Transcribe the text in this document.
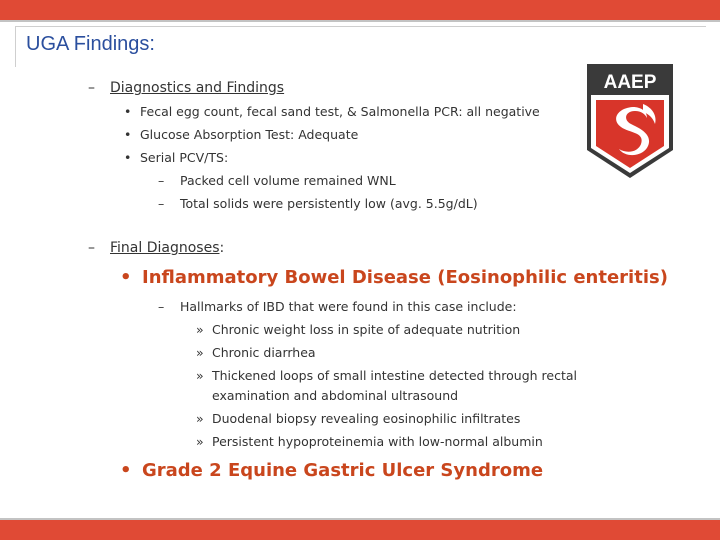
UGA Findings:
AAEP
– Diagnostics and Findings
• Fecal egg count, fecal sand test, & Salmonella PCR: all negative
• Glucose Absorption Test: Adequate
• Serial PCV/TS:
– Packed cell volume remained WNL
– Total solids were persistently low (avg. 5.5g/dL)
– Final Diagnoses:
• Inflammatory Bowel Disease (Eosinophilic enteritis)
– Hallmarks of IBD that were found in this case include:
» Chronic weight loss in spite of adequate nutrition
» Chronic diarrhea
» Thickened loops of small intestine detected through rectal
examination and abdominal ultrasound
» Duodenal biopsy revealing eosinophilic infiltrates
» Persistent hypoproteinemia with low-normal albumin
• Grade 2 Equine Gastric Ulcer Syndrome
